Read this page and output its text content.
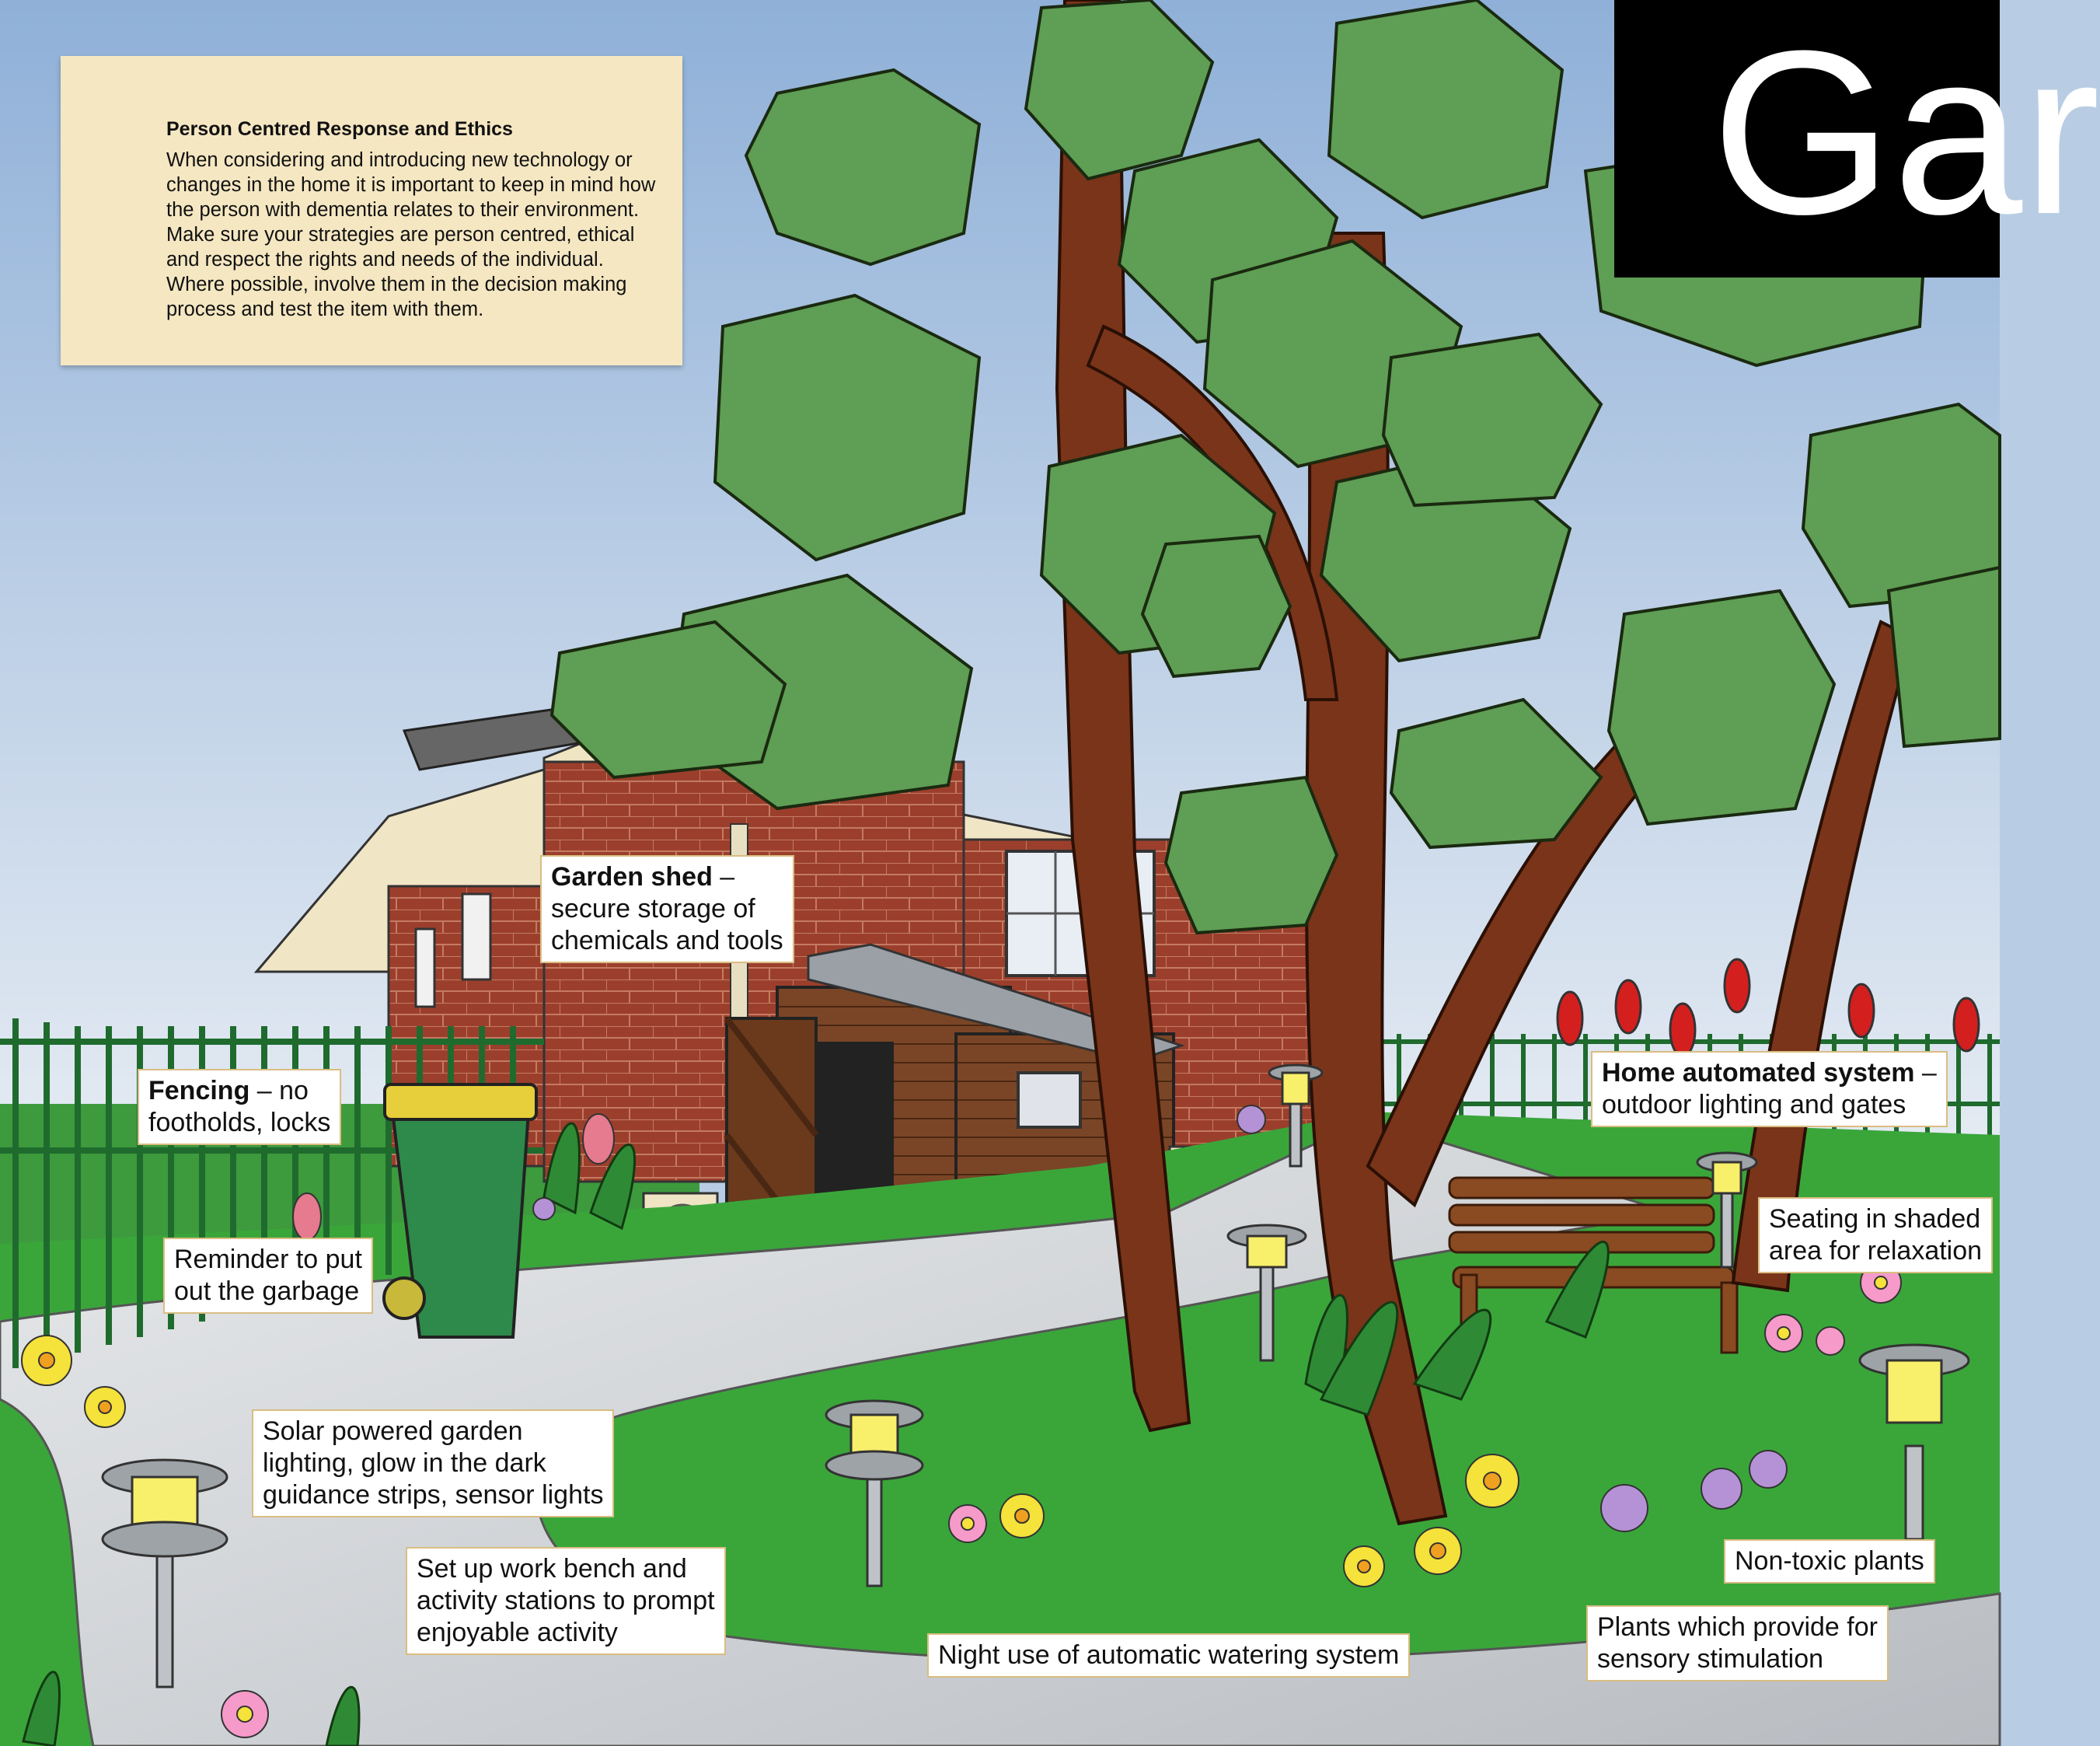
Person Centred Response and Ethics

When considering and introducing new technology or changes in the home it is important to keep in mind how the person with dementia relates to their environment. Make sure your strategies are person centred, ethical and respect the rights and needs of the individual. Where possible, involve them in the decision making process and test the item with them.

Gar
Garden shed –
secure storage of
chemicals and tools
Fencing – no
footholds, locks
Reminder to put
out the garbage
Home automated system –
outdoor lighting and gates
Seating in shaded
area for relaxation
Solar powered garden
lighting, glow in the dark
guidance strips, sensor lights
Set up work bench and
activity stations to prompt
enjoyable activity
Night use of automatic watering system
Non-toxic plants
Plants which provide for
sensory stimulation
